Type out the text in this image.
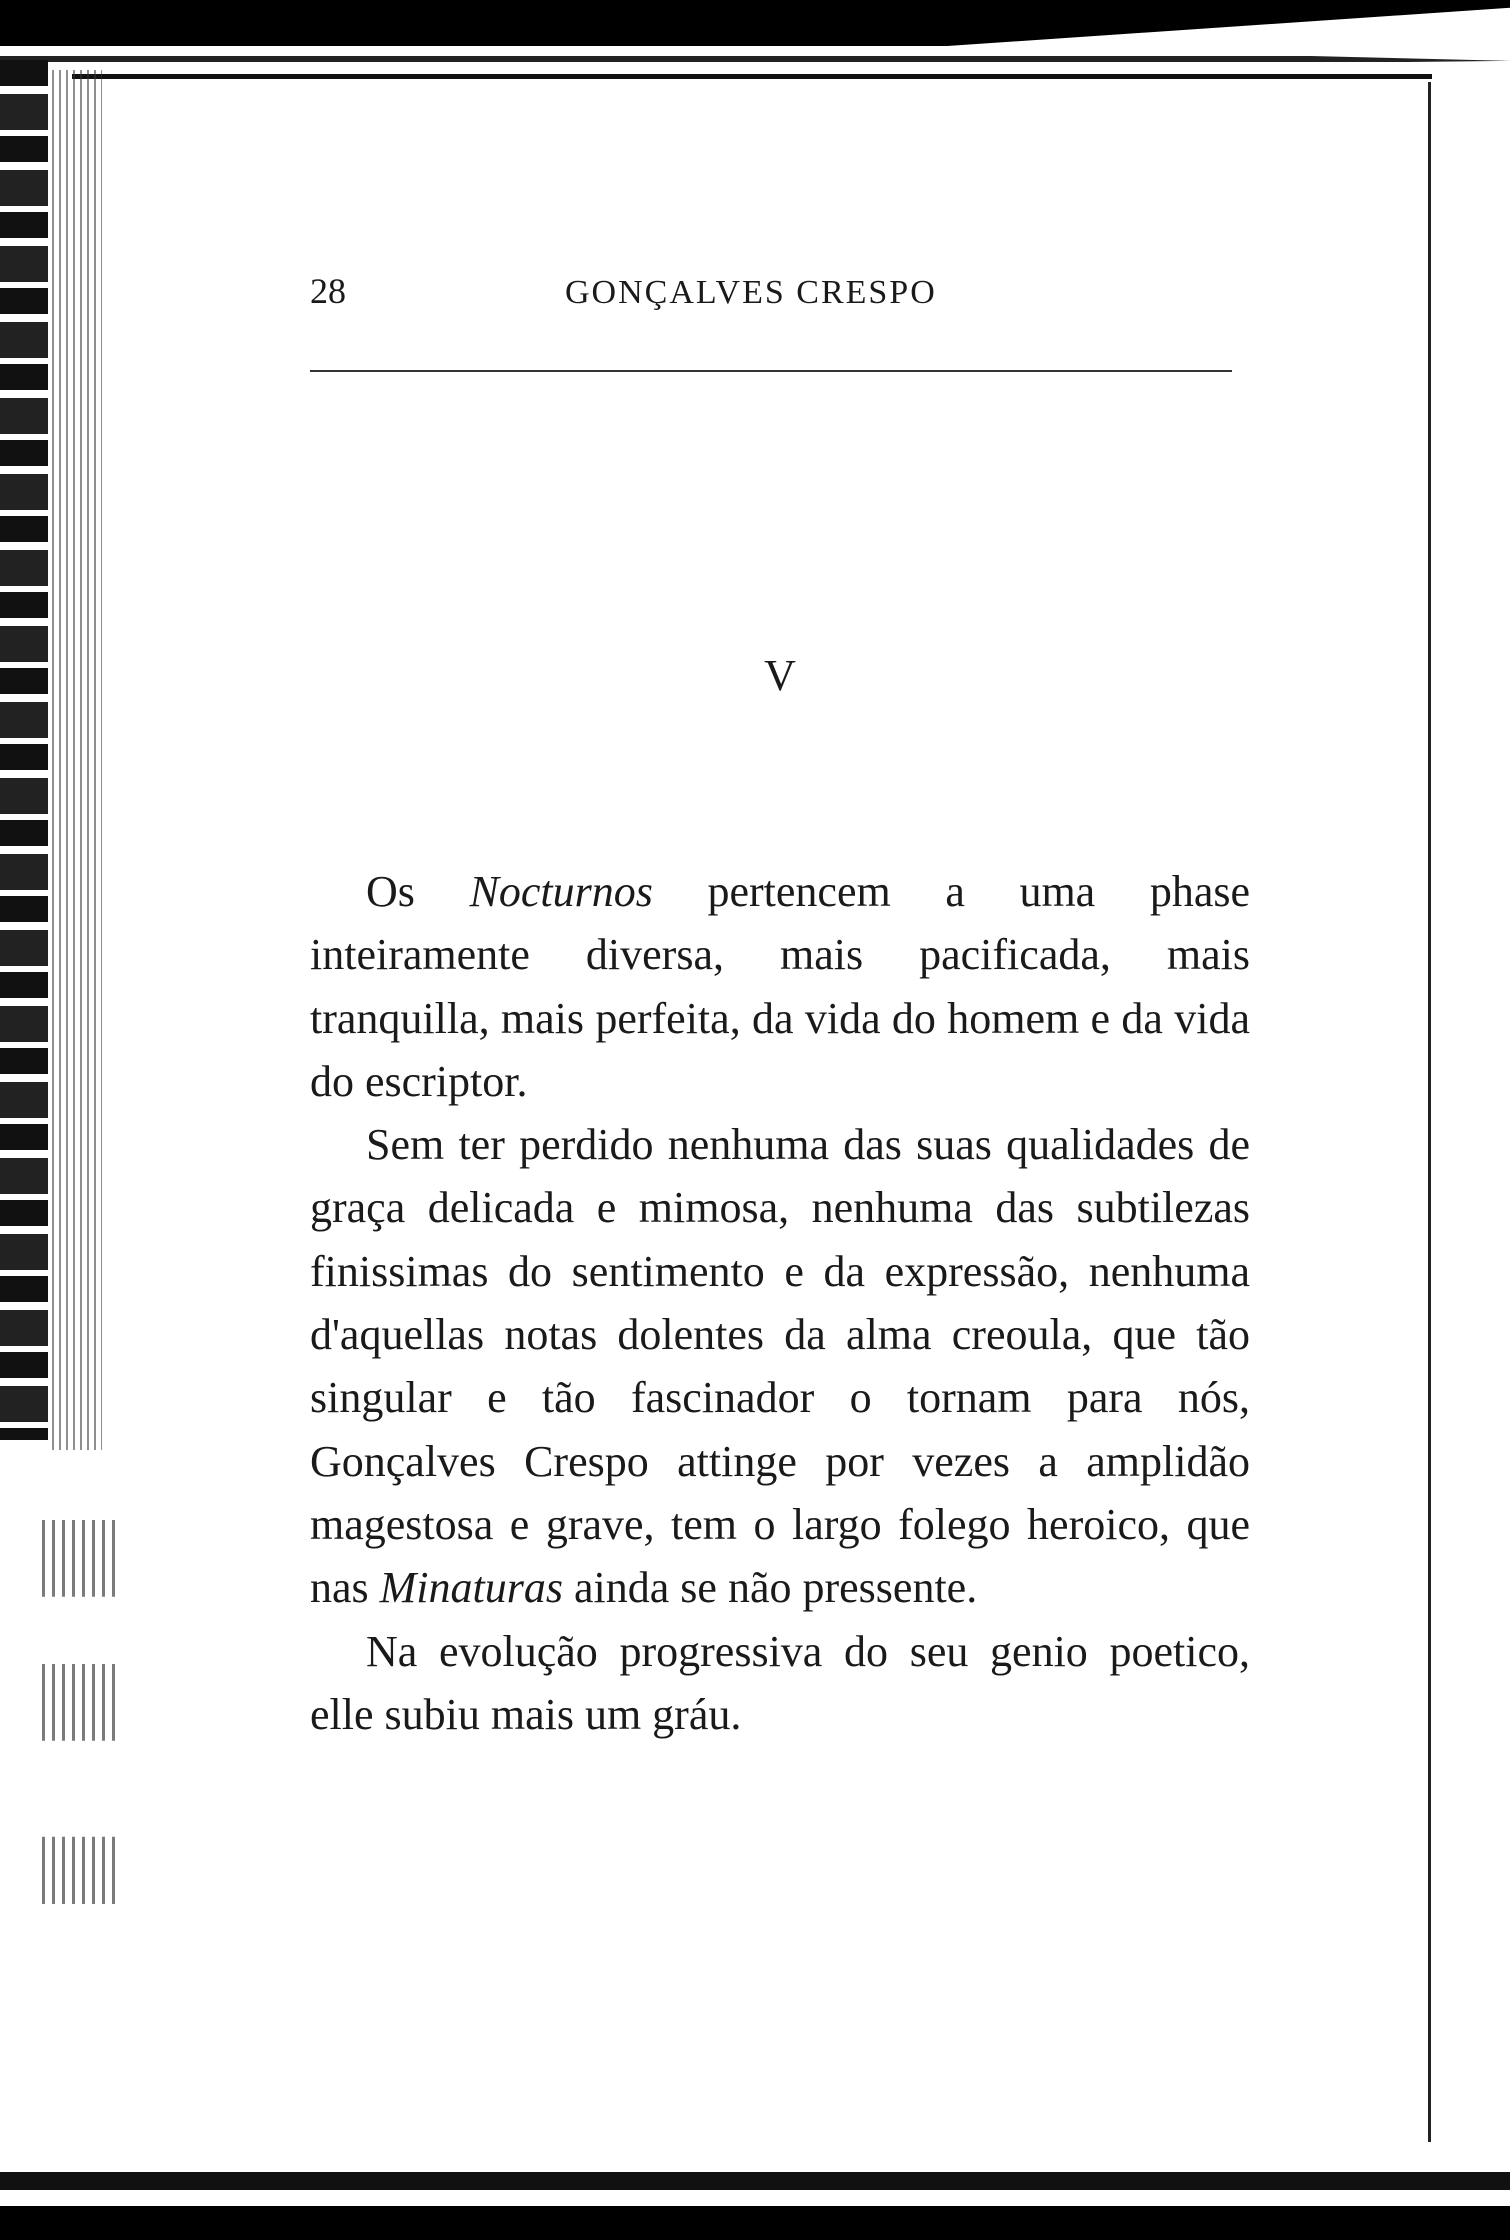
28	GONÇALVES CRESPO
V

Os Nocturnos pertencem a uma phase inteiramente diversa, mais pacificada, mais tranquilla, mais perfeita, da vida do homem e da vida do escriptor.

Sem ter perdido nenhuma das suas qualidades de graça delicada e mimosa, nenhuma das subtilezas finissimas do sentimento e da expressão, nenhuma d'aquellas notas dolentes da alma creoula, que tão singular e tão fascinador o tornam para nós, Gonçalves Crespo attinge por vezes a amplidão magestosa e grave, tem o largo folego heroico, que nas Minaturas ainda se não pressente.

Na evolução progressiva do seu genio poetico, elle subiu mais um gráu.
